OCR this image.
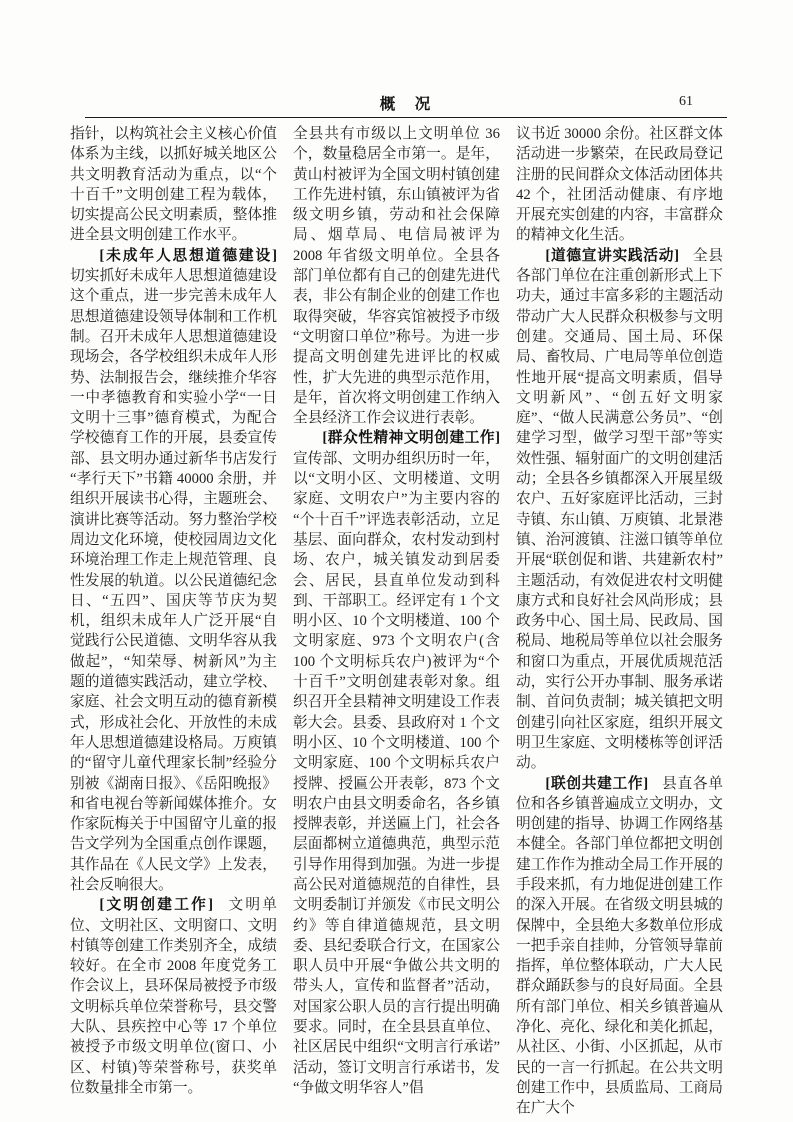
概　况	61

指针，以构筑社会主义核心价值体系为主线，以抓好城关地区公共文明教育活动为重点，以“个十百千”文明创建工程为载体，切实提高公民文明素质，整体推进全县文明创建工作水平。

[未成年人思想道德建设]

切实抓好未成年人思想道德建设这个重点，进一步完善未成年人思想道德建设领导体制和工作机制。召开未成年人思想道德建设现场会，各学校组织未成年人形势、法制报告会，继续推介华容一中孝德教育和实验小学“一日文明十三事”德育模式，为配合学校德育工作的开展，县委宣传部、县文明办通过新华书店发行“孝行天下”书籍 40000 余册，并组织开展读书心得，主题班会、演讲比赛等活动。努力整治学校周边文化环境，使校园周边文化环境治理工作走上规范管理、良性发展的轨道。以公民道德纪念日、“五四”、国庆等节庆为契机，组织未成年人广泛开展“自觉践行公民道德、文明华容从我做起”，“知荣辱、树新风”为主题的道德实践活动，建立学校、家庭、社会文明互动的德育新模式，形成社会化、开放性的未成年人思想道德建设格局。万庾镇的“留守儿童代理家长制”经验分别被《湖南日报》、《岳阳晚报》和省电视台等新闻媒体推介。女作家阮梅关于中国留守儿童的报告文学列为全国重点创作课题，其作品在《人民文学》上发表，社会反响很大。

[文明创建工作] 文明单位、文明社区、文明窗口、文明村镇等创建工作类别齐全，成绩较好。在全市 2008 年度党务工作会议上，县环保局被授予市级文明标兵单位荣誉称号，县交警大队、县疾控中心等 17 个单位被授予市级文明单位(窗口、小区、村镇)等荣誉称号，获奖单位数量排全市第一。

全县共有市级以上文明单位 36 个，数量稳居全市第一。是年，黄山村被评为全国文明村镇创建工作先进村镇，东山镇被评为省级文明乡镇，劳动和社会保障局、烟草局、电信局被评为 2008 年省级文明单位。全县各部门单位都有自己的创建先进代表，非公有制企业的创建工作也取得突破，华容宾馆被授予市级“文明窗口单位”称号。为进一步提高文明创建先进评比的权威性，扩大先进的典型示范作用，是年，首次将文明创建工作纳入全县经济工作会议进行表彰。

[群众性精神文明创建工作]

宣传部、文明办组织历时一年，以“文明小区、文明楼道、文明家庭、文明农户”为主要内容的“个十百千”评选表彰活动，立足基层、面向群众，农村发动到村场、农户，城关镇发动到居委会、居民，县直单位发动到科到、干部职工。经评定有 1 个文明小区、10 个文明楼道、100 个文明家庭、973 个文明农户(含 100 个文明标兵农户)被评为“个十百千”文明创建表彰对象。组织召开全县精神文明建设工作表彰大会。县委、县政府对 1 个文明小区、10 个文明楼道、100 个文明家庭、100 个文明标兵农户授牌、授匾公开表彰，873 个文明农户由县文明委命名，各乡镇授牌表彰，并送匾上门，社会各层面都树立道德典范，典型示范引导作用得到加强。为进一步提高公民对道德规范的自律性，县文明委制订并颁发《市民文明公约》等自律道德规范，县文明委、县纪委联合行文，在国家公职人员中开展“争做公共文明的带头人，宣传和监督者”活动，对国家公职人员的言行提出明确要求。同时，在全县县直单位、社区居民中组织“文明言行承诺”活动，签订文明言行承诺书，发“争做文明华容人”倡

议书近 30000 余份。社区群文体活动进一步繁荣，在民政局登记注册的民间群众文体活动团体共 42 个，社团活动健康、有序地开展充实创建的内容，丰富群众的精神文化生活。

[道德宣讲实践活动] 全县各部门单位在注重创新形式上下功夫，通过丰富多彩的主题活动带动广大人民群众积极参与文明创建。交通局、国土局、环保局、畜牧局、广电局等单位创造性地开展“提高文明素质，倡导文明新风”、“创五好文明家庭”、“做人民满意公务员”、“创建学习型，做学习型干部”等实效性强、辐射面广的文明创建活动；全县各乡镇都深入开展星级农户、五好家庭评比活动，三封寺镇、东山镇、万庾镇、北景港镇、治河渡镇、注滋口镇等单位开展“联创促和谐、共建新农村”主题活动，有效促进农村文明健康方式和良好社会风尚形成；县政务中心、国土局、民政局、国税局、地税局等单位以社会服务和窗口为重点，开展优质规范活动，实行公开办事制、服务承诺制、首问负责制；城关镇把文明创建引向社区家庭，组织开展文明卫生家庭、文明楼栋等创评活动。

[联创共建工作] 县直各单位和各乡镇普遍成立文明办，文明创建的指导、协调工作网络基本健全。各部门单位都把文明创建工作作为推动全局工作开展的手段来抓，有力地促进创建工作的深入开展。在省级文明县城的保牌中，全县绝大多数单位形成一把手亲自挂帅，分管领导靠前指挥，单位整体联动，广大人民群众踊跃参与的良好局面。全县所有部门单位、相关乡镇普遍从净化、亮化、绿化和美化抓起，从社区、小街、小区抓起，从市民的一言一行抓起。在公共文明创建工作中，县质监局、工商局在广大个
